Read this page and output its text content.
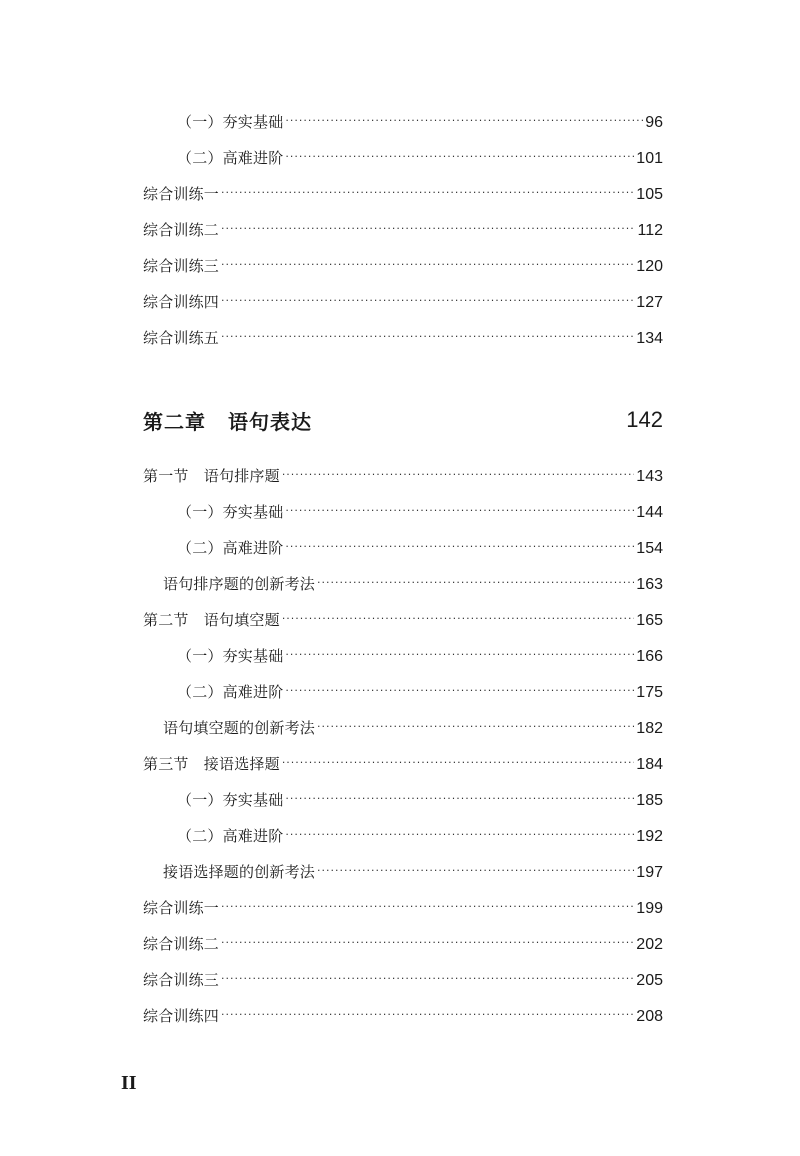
（一）夯实基础 ·····	96
（二）高难进阶 ·····	101
综合训练一 ·····	105
综合训练二 ·····	112
综合训练三 ·····	120
综合训练四 ·····	127
综合训练五 ·····	134
第二章 语句表达	142
第一节　语句排序题 ·····	143
（一）夯实基础 ·····	144
（二）高难进阶 ·····	154
语句排序题的创新考法 ·····	163
第二节　语句填空题 ·····	165
（一）夯实基础 ·····	166
（二）高难进阶 ·····	175
语句填空题的创新考法 ·····	182
第三节　接语选择题 ·····	184
（一）夯实基础 ·····	185
（二）高难进阶 ·····	192
接语选择题的创新考法 ·····	197
综合训练一 ·····	199
综合训练二 ·····	202
综合训练三 ·····	205
综合训练四 ·····	208
II
